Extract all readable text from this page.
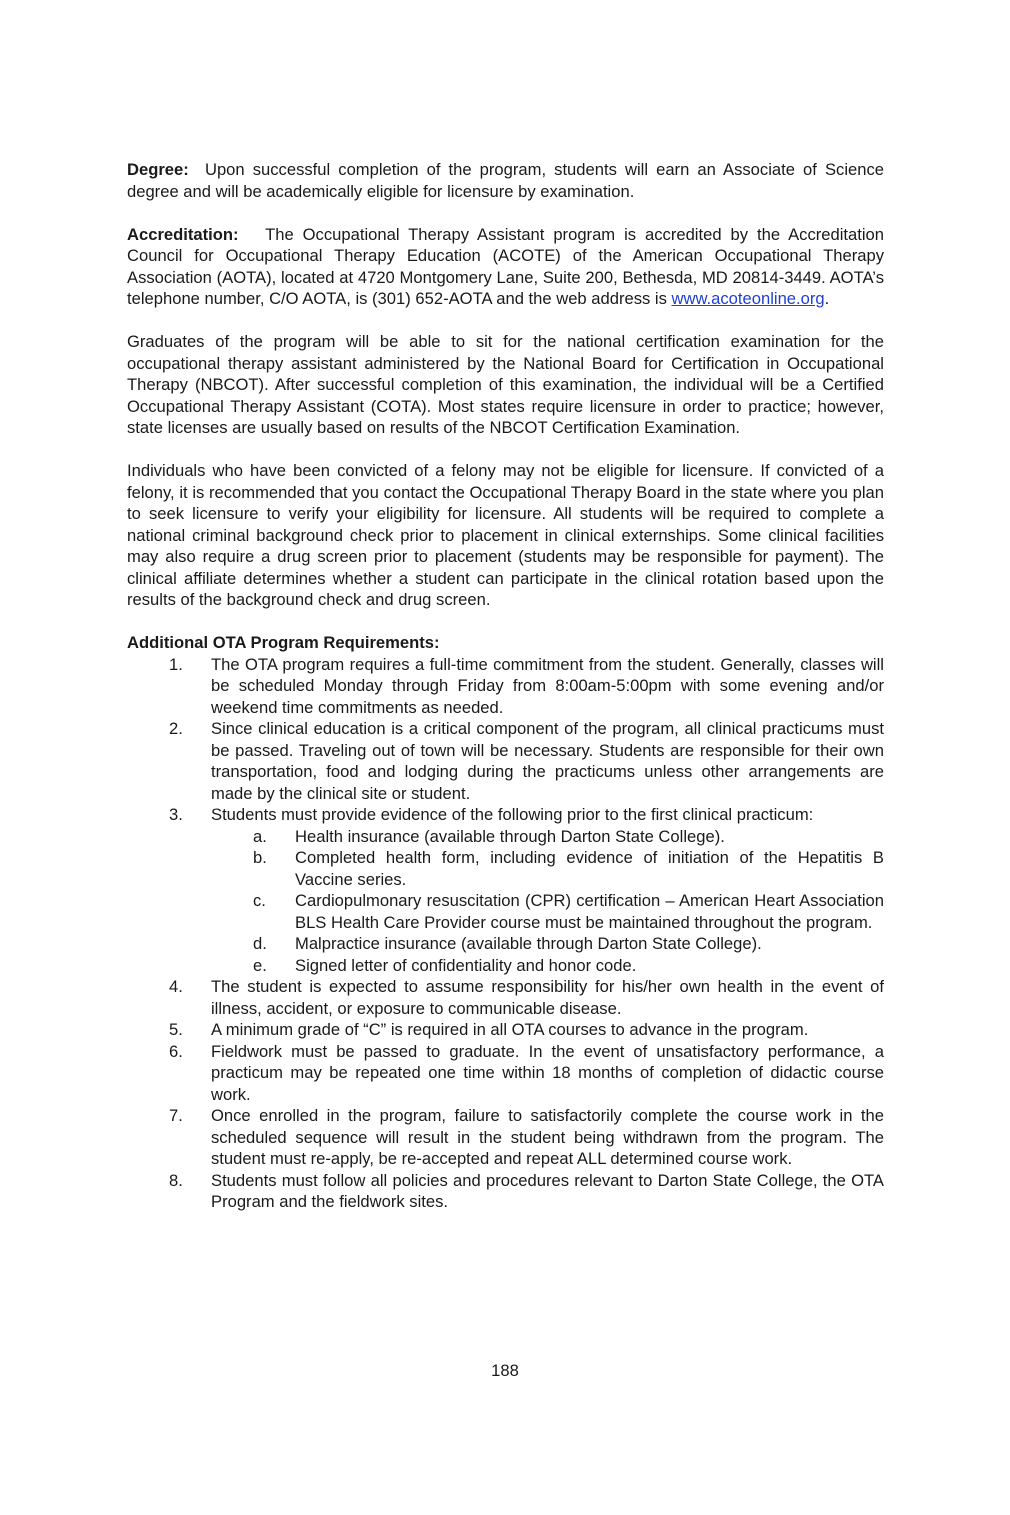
Degree: Upon successful completion of the program, students will earn an Associate of Science degree and will be academically eligible for licensure by examination.

Accreditation: The Occupational Therapy Assistant program is accredited by the Accreditation Council for Occupational Therapy Education (ACOTE) of the American Occupational Therapy Association (AOTA), located at 4720 Montgomery Lane, Suite 200, Bethesda, MD 20814-3449. AOTA’s telephone number, C/O AOTA, is (301) 652-AOTA and the web address is www.acoteonline.org.

Graduates of the program will be able to sit for the national certification examination for the occupational therapy assistant administered by the National Board for Certification in Occupational Therapy (NBCOT). After successful completion of this examination, the individual will be a Certified Occupational Therapy Assistant (COTA). Most states require licensure in order to practice; however, state licenses are usually based on results of the NBCOT Certification Examination.

Individuals who have been convicted of a felony may not be eligible for licensure. If convicted of a felony, it is recommended that you contact the Occupational Therapy Board in the state where you plan to seek licensure to verify your eligibility for licensure. All students will be required to complete a national criminal background check prior to placement in clinical externships. Some clinical facilities may also require a drug screen prior to placement (students may be responsible for payment). The clinical affiliate determines whether a student can participate in the clinical rotation based upon the results of the background check and drug screen.

Additional OTA Program Requirements:

1. The OTA program requires a full-time commitment from the student. Generally, classes will be scheduled Monday through Friday from 8:00am-5:00pm with some evening and/or weekend time commitments as needed.
2. Since clinical education is a critical component of the program, all clinical practicums must be passed. Traveling out of town will be necessary. Students are responsible for their own transportation, food and lodging during the practicums unless other arrangements are made by the clinical site or student.
3. Students must provide evidence of the following prior to the first clinical practicum:
a. Health insurance (available through Darton State College).
b. Completed health form, including evidence of initiation of the Hepatitis B Vaccine series.
c. Cardiopulmonary resuscitation (CPR) certification – American Heart Association BLS Health Care Provider course must be maintained throughout the program.
d. Malpractice insurance (available through Darton State College).
e. Signed letter of confidentiality and honor code.
4. The student is expected to assume responsibility for his/her own health in the event of illness, accident, or exposure to communicable disease.
5. A minimum grade of “C” is required in all OTA courses to advance in the program.
6. Fieldwork must be passed to graduate. In the event of unsatisfactory performance, a practicum may be repeated one time within 18 months of completion of didactic course work.
7. Once enrolled in the program, failure to satisfactorily complete the course work in the scheduled sequence will result in the student being withdrawn from the program. The student must re-apply, be re-accepted and repeat ALL determined course work.
8. Students must follow all policies and procedures relevant to Darton State College, the OTA Program and the fieldwork sites.
188
